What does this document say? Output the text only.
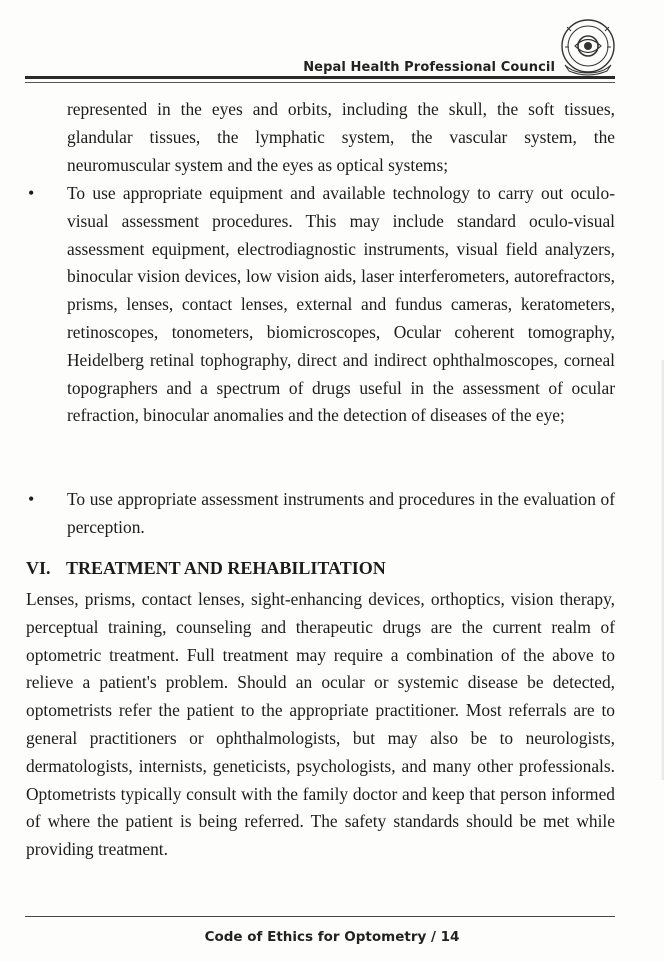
Nepal Health Professional Council

represented in the eyes and orbits, including the skull, the soft tissues, glandular tissues, the lymphatic system, the vascular system, the neuromuscular system and the eyes as optical systems;

• To use appropriate equipment and available technology to carry out oculo-visual assessment procedures. This may include standard oculo-visual assessment equipment, electrodiagnostic instruments, visual field analyzers, binocular vision devices, low vision aids, laser interferometers, autorefractors, prisms, lenses, contact lenses, external and fundus cameras, keratometers, retinoscopes, tonometers, biomicroscopes, Ocular coherent tomography, Heidelberg retinal tophography, direct and indirect ophthalmoscopes, corneal topographers and a spectrum of drugs useful in the assessment of ocular refraction, binocular anomalies and the detection of diseases of the eye;

• To use appropriate assessment instruments and procedures in the evaluation of perception.

VI. TREATMENT AND REHABILITATION

Lenses, prisms, contact lenses, sight-enhancing devices, orthoptics, vision therapy, perceptual training, counseling and therapeutic drugs are the current realm of optometric treatment. Full treatment may require a combination of the above to relieve a patient's problem. Should an ocular or systemic disease be detected, optometrists refer the patient to the appropriate practitioner. Most referrals are to general practitioners or ophthalmologists, but may also be to neurologists, dermatologists, internists, geneticists, psychologists, and many other professionals. Optometrists typically consult with the family doctor and keep that person informed of where the patient is being referred. The safety standards should be met while providing treatment.

Code of Ethics for Optometry / 14
